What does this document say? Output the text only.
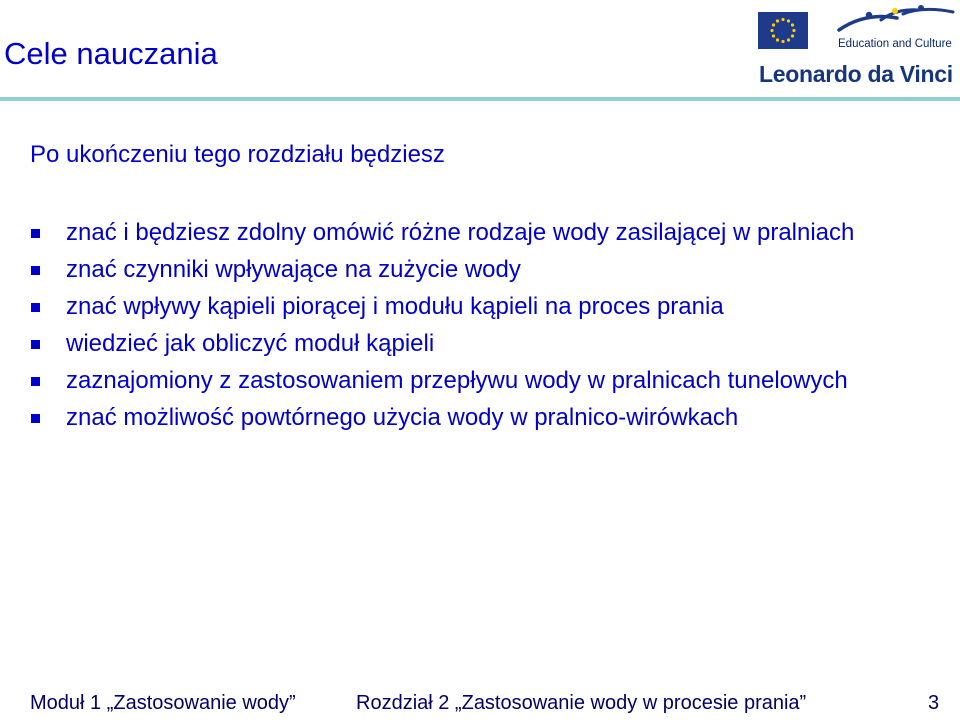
Cele nauczania	Education and Culture
Leonardo da Vinci
Po ukończeniu tego rozdziału będziesz
znać i będziesz zdolny omówić różne rodzaje wody zasilającej w pralniach
znać czynniki wpływające na zużycie wody
znać wpływy kąpieli piorącej i modułu kąpieli na proces prania
wiedzieć jak obliczyć moduł kąpieli
zaznajomiony z zastosowaniem przepływu wody w pralnicach tunelowych
znać możliwość powtórnego użycia wody w pralnico-wirówkach
Moduł 1 „Zastosowanie wody”	Rozdział 2 „Zastosowanie wody w procesie prania”	3
